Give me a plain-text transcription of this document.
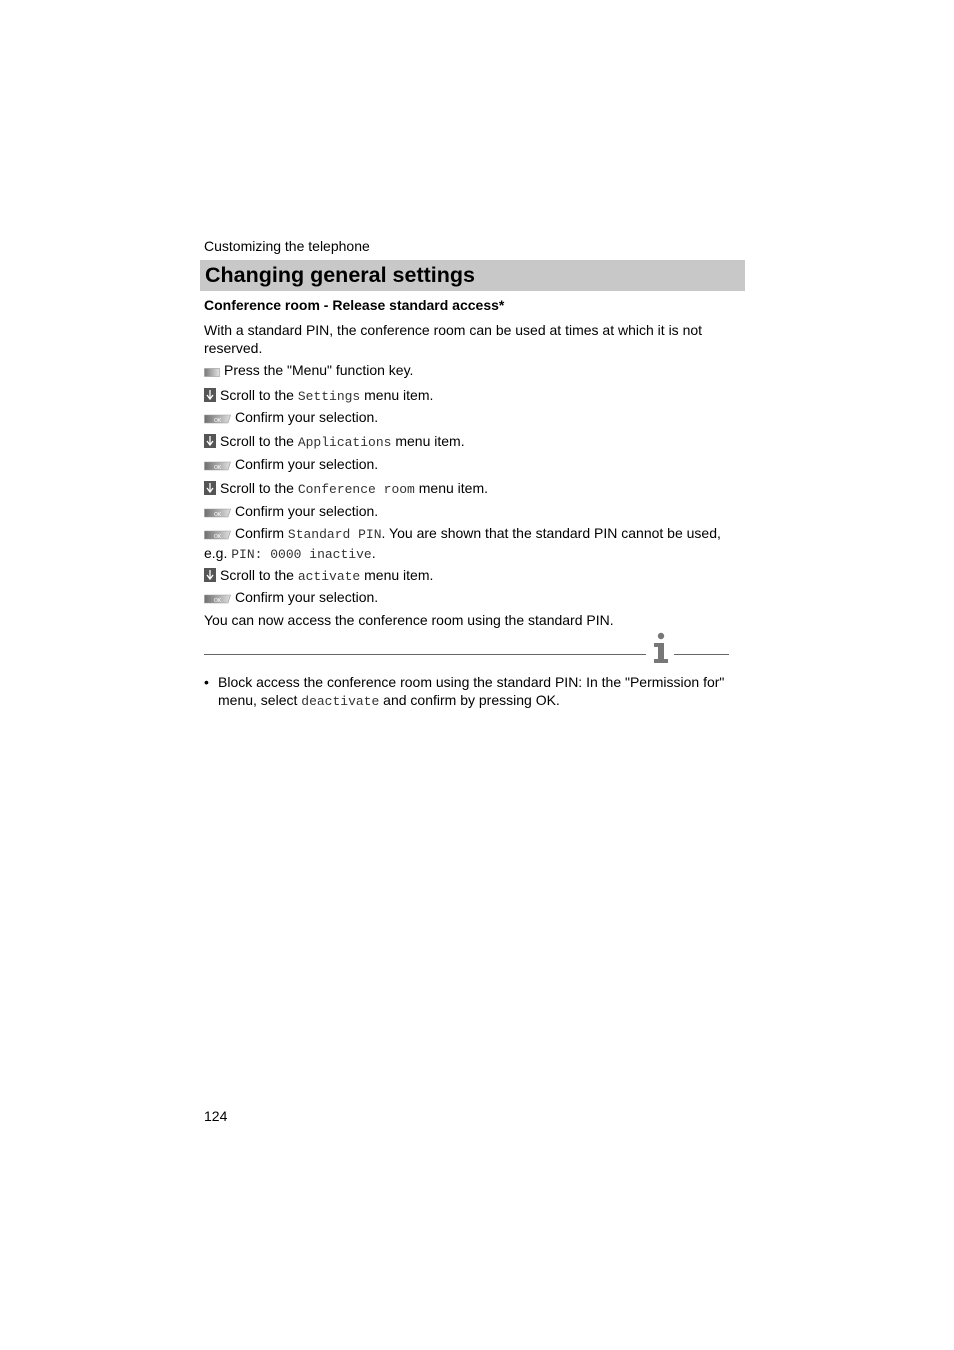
Customizing the telephone
Changing general settings
Conference room - Release standard access*
With a standard PIN, the conference room can be used at times at which it is not reserved.
Press the "Menu" function key.
Scroll to the Settings menu item.
OK Confirm your selection.
Scroll to the Applications menu item.
OK Confirm your selection.
Scroll to the Conference room menu item.
OK Confirm your selection.
OK Confirm Standard PIN. You are shown that the standard PIN cannot be used, e.g. PIN: 0000 inactive.
Scroll to the activate menu item.
OK Confirm your selection.
You can now access the conference room using the standard PIN.
• Block access the conference room using the standard PIN: In the "Permission for" menu, select deactivate and confirm by pressing OK.
124
